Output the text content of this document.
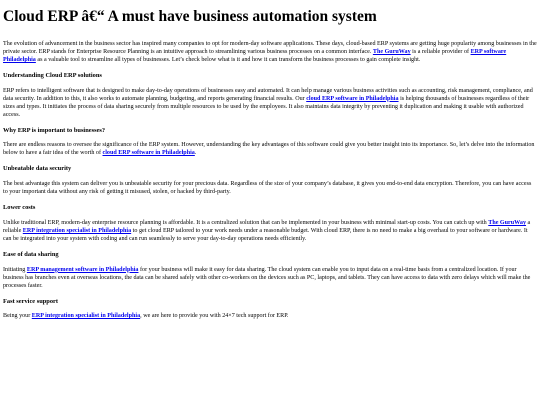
Cloud ERP â€“ A must have business automation system

The evolution of advancement in the business sector has inspired many companies to opt for modern-day software applications. These days, cloud-based ERP systems are getting huge popularity among businesses in the private sector. ERP stands for Enterprise Resource Planning is an intuitive approach to streamlining various business processes on a common interface. The GuruWay is a reliable provider of ERP software Philadelphia as a valuable tool to streamline all types of businesses. Let’s check below what is it and how it can transform the business processes to gain complete insight.

Understanding Cloud ERP solutions

ERP refers to intelligent software that is designed to make day-to-day operations of businesses easy and automated. It can help manage various business activities such as accounting, risk management, compliance, and data security. In addition to this, it also works to automate planning, budgeting, and reports generating financial results. Our cloud ERP software in Philadelphia is helping thousands of businesses regardless of their sizes and types. It initiates the process of data sharing securely from multiple resources to be used by the employees. It also maintains data integrity by preventing it duplication and making it usable with authorized access.

Why ERP is important to businesses?

There are endless reasons to oversee the significance of the ERP system. However, understanding the key advantages of this software could give you better insight into its importance. So, let’s delve into the information below to have a fair idea of the worth of cloud ERP software in Philadelphia.

Unbeatable data security

The best advantage this system can deliver you is unbeatable security for your precious data. Regardless of the size of your company’s database, it gives you end-to-end data encryption. Therefore, you can have access to your important data without any risk of getting it misused, stolen, or hacked by third-party.

Lower costs

Unlike traditional ERP, modern-day enterprise resource planning is affordable. It is a centralized solution that can be implemented in your business with minimal start-up costs. You can catch up with The GuruWay a reliable ERP integration specialist in Philadelphia to get cloud ERP tailored to your work needs under a reasonable budget. With cloud ERP, there is no need to make a big overhaul to your software or hardware. It can be integrated into your system with coding and can run seamlessly to serve your day-to-day operations needs efficiently.

Ease of data sharing

Initiating ERP management software in Philadelphia for your business will make it easy for data sharing. The cloud system can enable you to input data on a real-time basis from a centralized location. If your business has branches even at overseas locations, the data can be shared safely with other co-workers on the devices such as PC, laptops, and tablets. They can have access to data with zero delays which will make the processes faster.

Fast service support

Being your ERP integration specialist in Philadelphia, we are here to provide you with 24×7 tech support for ERP.
